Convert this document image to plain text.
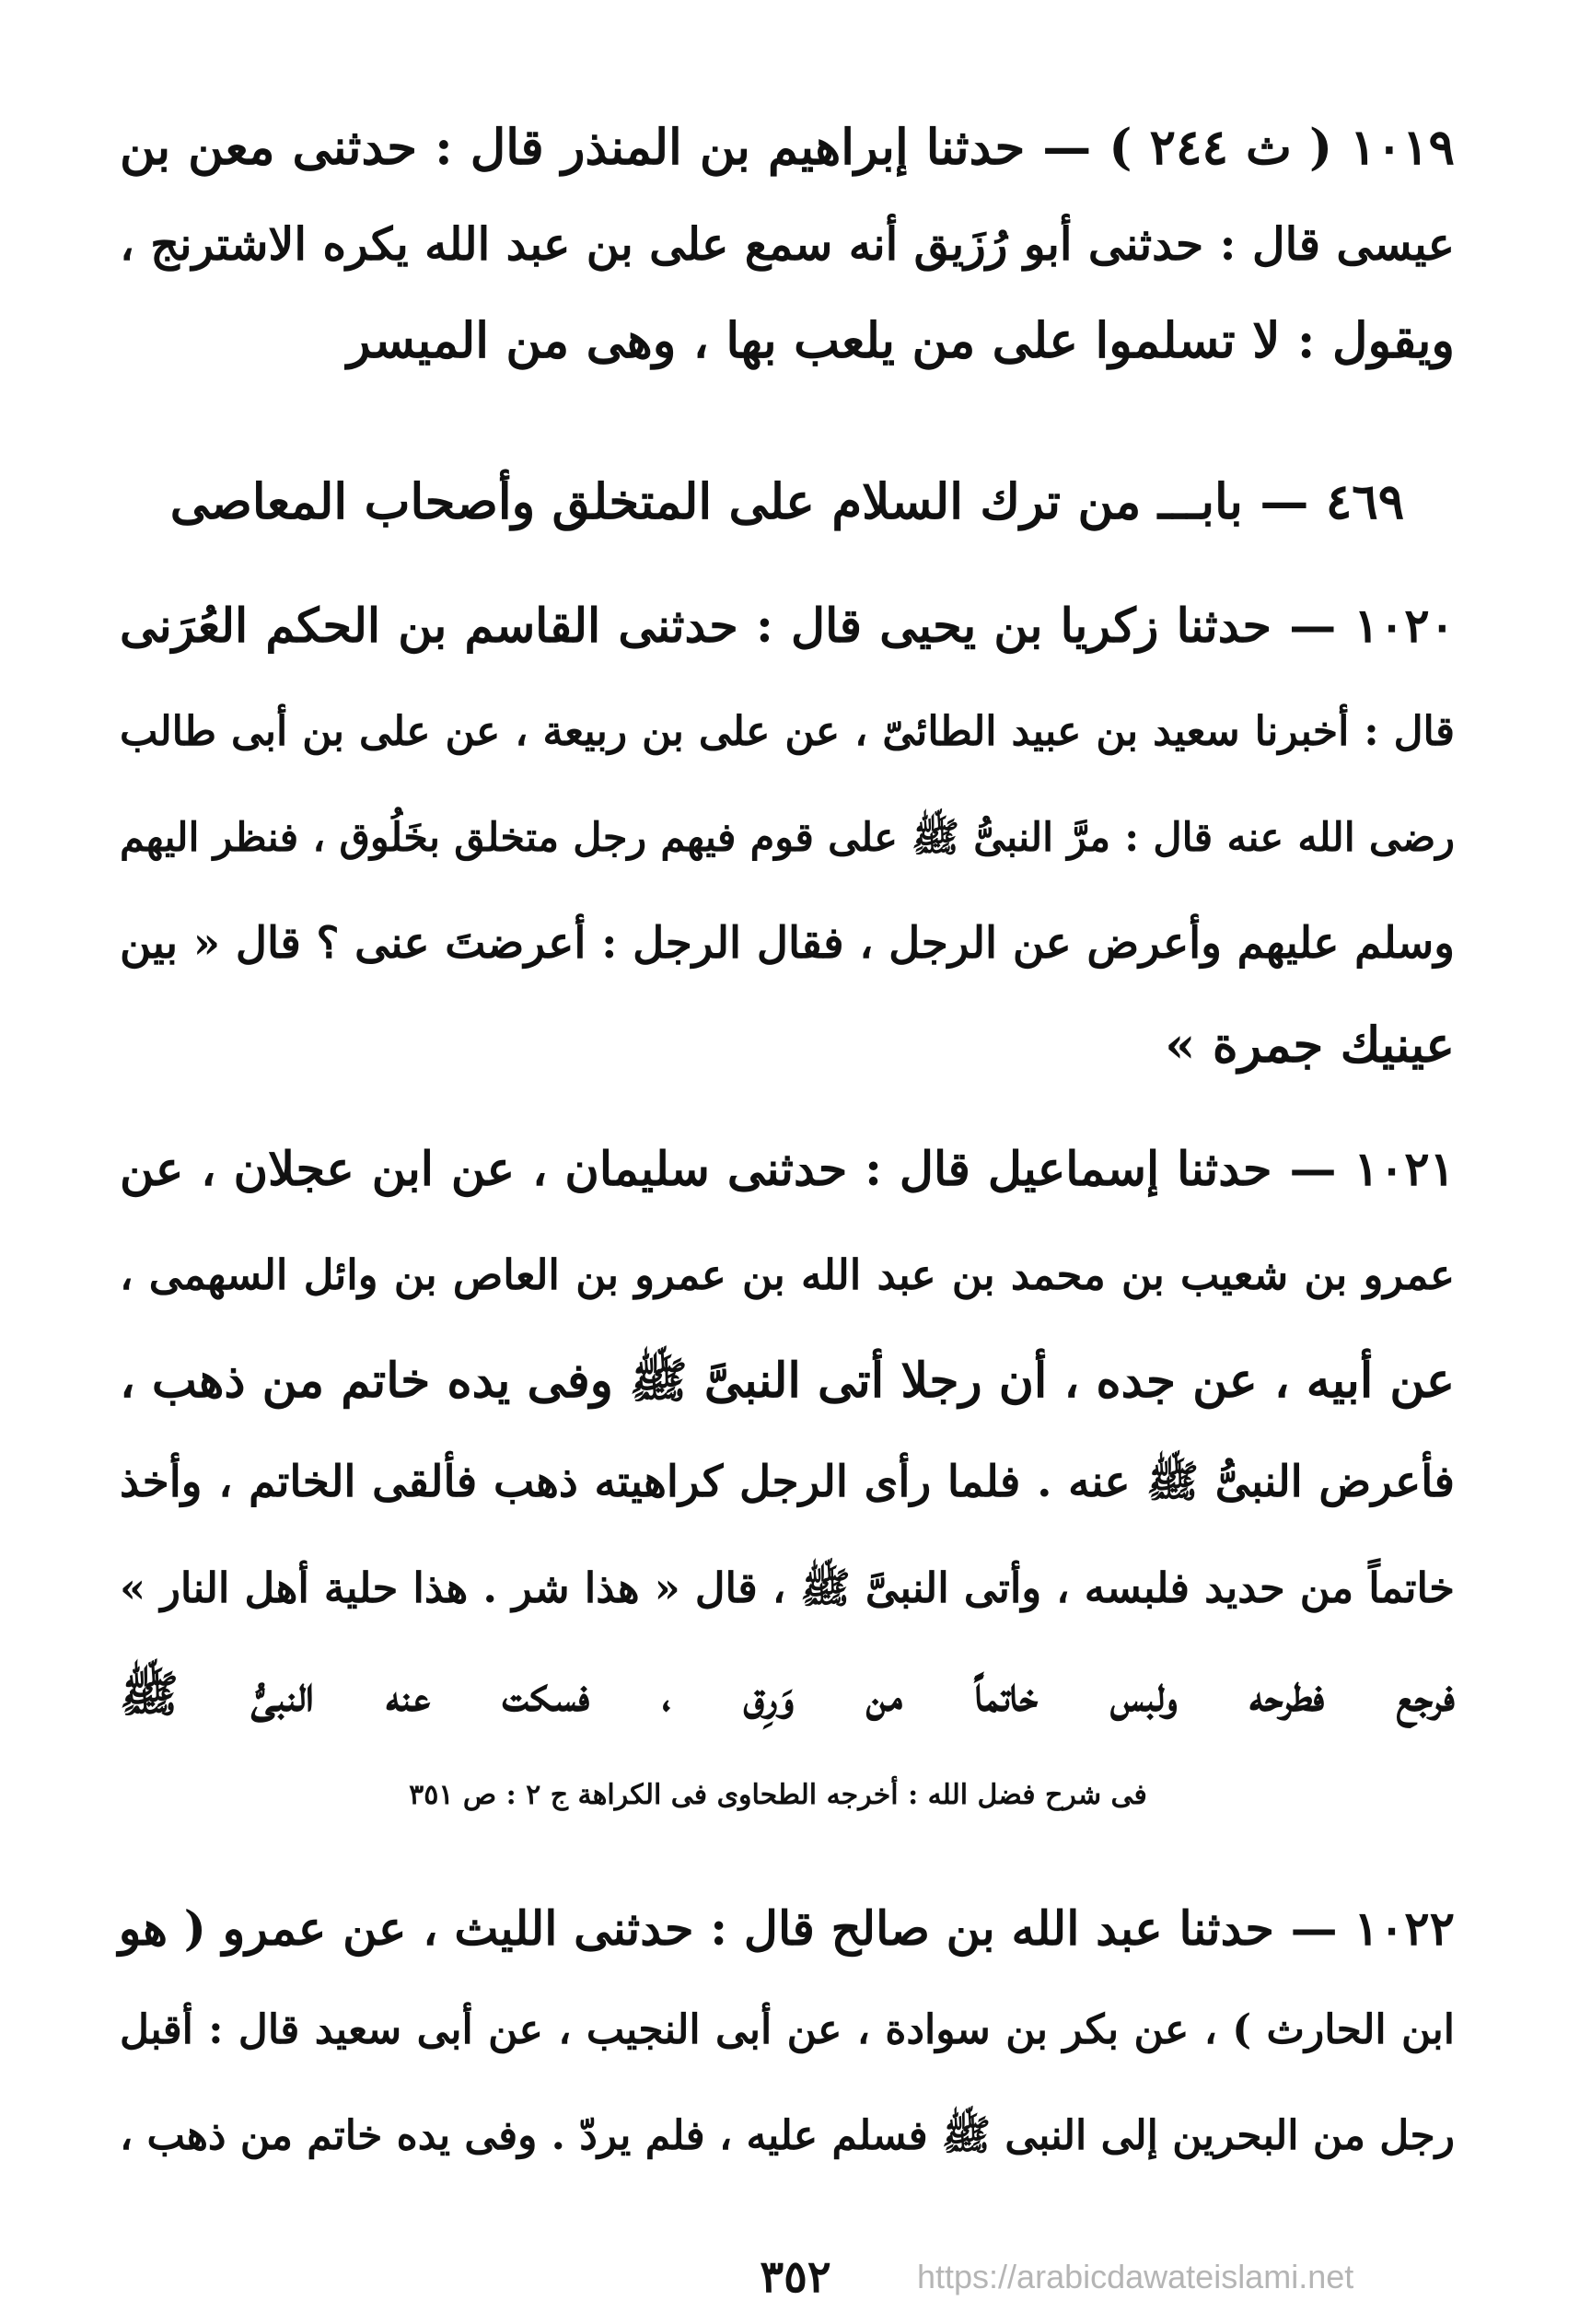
١٠١٩ ( ث ٢٤٤ ) — حدثنا إبراهيم بن المنذر قال : حدثنى معن بن
عيسى قال : حدثنى أبو رُزَيق أنه سمع على بن عبد الله يكره الاشترنج ،
ويقول : لا تسلموا على من يلعب بها ، وهى من الميسر
٤٦٩ — بابـــ من ترك السلام على المتخلق وأصحاب المعاصى
١٠٢٠ — حدثنا زكريا بن يحيى قال : حدثنى القاسم بن الحكم العُرَنى
قال : أخبرنا سعيد بن عبيد الطائىّ ، عن على بن ربيعة ، عن على بن أبى طالب
رضى الله عنه قال : مرَّ النبىُّ ﷺ على قوم فيهم رجل متخلق بخَلُوق ، فنظر اليهم
وسلم عليهم وأعرض عن الرجل ، فقال الرجل : أعرضتَ عنى ؟ قال « بين
عينيك جمرة »
١٠٢١ — حدثنا إسماعيل قال : حدثنى سليمان ، عن ابن عجلان ، عن
عمرو بن شعيب بن محمد بن عبد الله بن عمرو بن العاص بن وائل السهمى ،
عن أبيه ، عن جده ، أن رجلا أتى النبىَّ ﷺ وفى يده خاتم من ذهب ،
فأعرض النبىُّ ﷺ عنه . فلما رأى الرجل كراهيته ذهب فألقى الخاتم ، وأخذ
خاتماً من حديد فلبسه ، وأتى النبىَّ ﷺ ، قال « هذا شر . هذا حلية أهل النار »
فرجع فطرحه ولبس خاتماً من وَرِق ، فسكت عنه النبىُّ ﷺ
فى شرح فضل الله : أخرجه الطحاوى فى الكراهة ج ٢ : ص ٣٥١
١٠٢٢ — حدثنا عبد الله بن صالح قال : حدثنى الليث ، عن عمرو ( هو
ابن الحارث ) ، عن بكر بن سوادة ، عن أبى النجيب ، عن أبى سعيد قال : أقبل
رجل من البحرين إلى النبى ﷺ فسلم عليه ، فلم يردّ . وفى يده خاتم من ذهب ،
٣٥٢	https://arabicdawateislami.net
